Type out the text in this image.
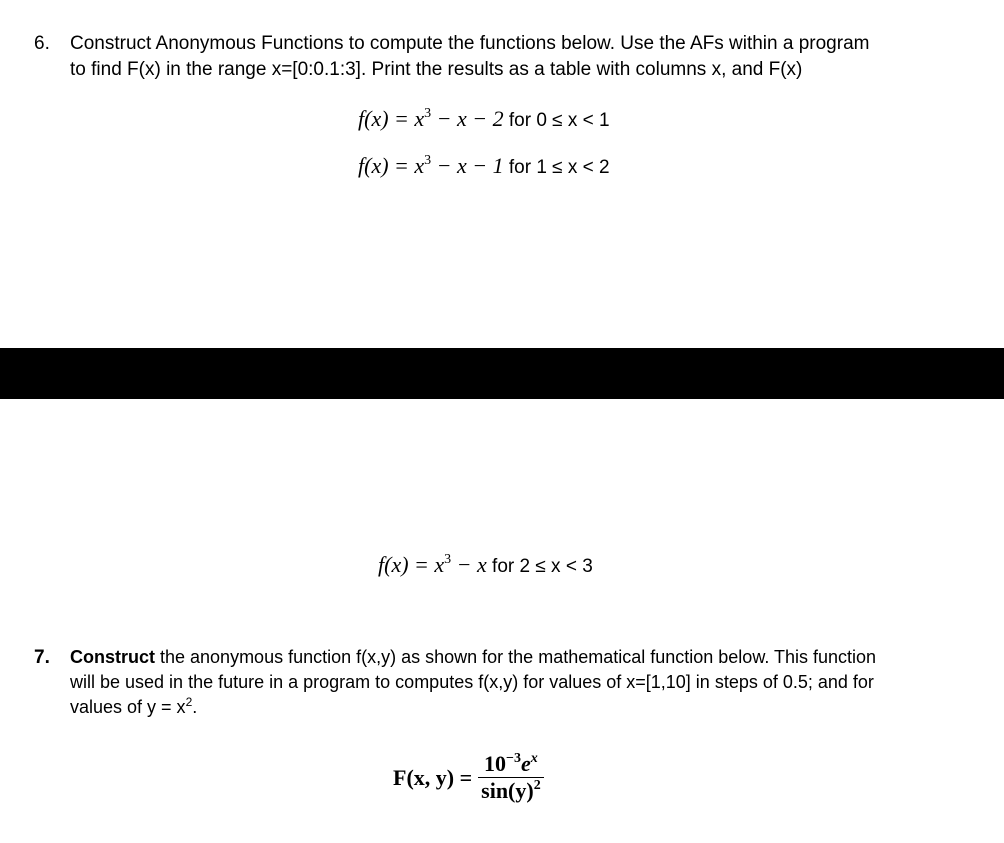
6. Construct Anonymous Functions to compute the functions below. Use the AFs within a program
to find F(x) in the range x=[0:0.1:3]. Print the results as a table with columns x, and F(x)
$f(x) = x^3 - x - 2$ for 0 ≤ x < 1
$f(x) = x^3 - x - 1$ for 1 ≤ x < 2
$f(x) = x^3 - x$ for 2 ≤ x < 3
7. Construct the anonymous function f(x,y) as shown for the mathematical function below. This function
will be used in the future in a program to computes f(x,y) for values of x=[1,10] in steps of 0.5; and for
values of $y = x^2$.
F(x, $y) = \frac{10^{-3}e^x}{\sin(y)^2}$
